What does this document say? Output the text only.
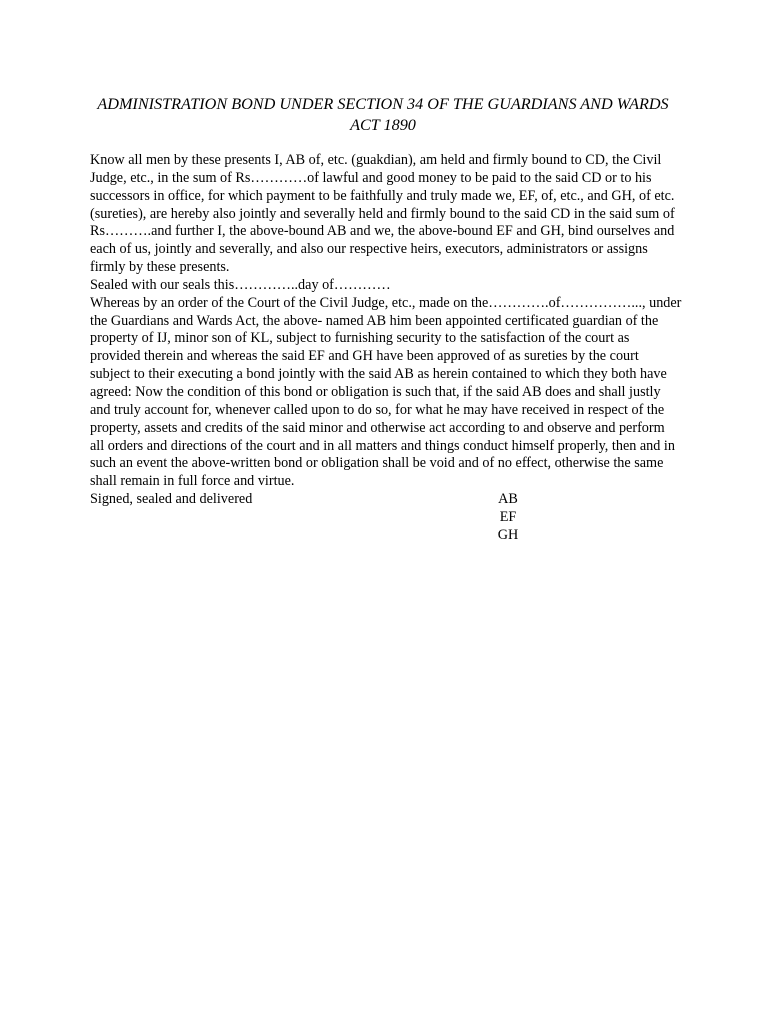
ADMINISTRATION BOND UNDER SECTION 34 OF THE GUARDIANS AND WARDS ACT 1890

Know all men by these presents I, AB of, etc. (guakdian), am held and firmly bound to CD, the Civil Judge, etc., in the sum of Rs…………of lawful and good money to be paid to the said CD or to his successors in office, for which payment to be faithfully and truly made we, EF, of, etc., and GH, of etc. (sureties), are hereby also jointly and severally held and firmly bound to the said CD in the said sum of Rs……….and further I, the above-bound AB and we, the above-bound EF and GH, bind ourselves and each of us, jointly and severally, and also our respective heirs, executors, administrators or assigns firmly by these presents.

Sealed with our seals this…………..day of…………

Whereas by an order of the Court of the Civil Judge, etc., made on the………….of……………..., under the Guardians and Wards Act, the above- named AB him been appointed certificated guardian of the property of IJ, minor son of KL, subject to furnishing security to the satisfaction of the court as provided therein and whereas the said EF and GH have been approved of as sureties by the court subject to their executing a bond jointly with the said AB as herein contained to which they both have agreed: Now the condition of this bond or obligation is such that, if the said AB does and shall justly and truly account for, whenever called upon to do so, for what he may have received in respect of the property, assets and credits of the said minor and otherwise act according to and observe and perform all orders and directions of the court and in all matters and things conduct himself properly, then and in such an event the above-written bond or obligation shall be void and of no effect, otherwise the same shall remain in full force and virtue.

Signed, sealed and delivered	AB
EF
GH
